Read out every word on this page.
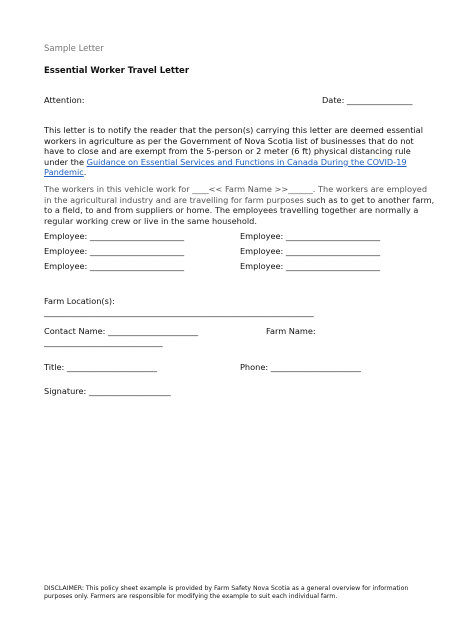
Sample Letter
Essential Worker Travel Letter
Attention:	Date: ________________
This letter is to notify the reader that the person(s) carrying this letter are deemed essential workers in agriculture as per the Government of Nova Scotia list of businesses that do not have to close and are exempt from the 5-person or 2 meter (6 ft) physical distancing rule under the Guidance on Essential Services and Functions in Canada During the COVID-19 Pandemic.
The workers in this vehicle work for ____<< Farm Name >>______. The workers are employed in the agricultural industry and are travelling for farm purposes such as to get to another farm, to a field, to and from suppliers or home. The employees travelling together are normally a regular working crew or live in the same household.
Employee: _______________________	Employee: _______________________
Employee: _______________________	Employee: _______________________
Employee: _______________________	Employee: _______________________
Farm Location(s):
_______________________________________________________________________
Contact Name: ______________________
_____________________________
Farm Name:
Title: ______________________	Phone: ______________________
Signature: ____________________
DISCLAIMER: This policy sheet example is provided by Farm Safety Nova Scotia as a general overview for information purposes only. Farmers are responsible for modifying the example to suit each individual farm.
